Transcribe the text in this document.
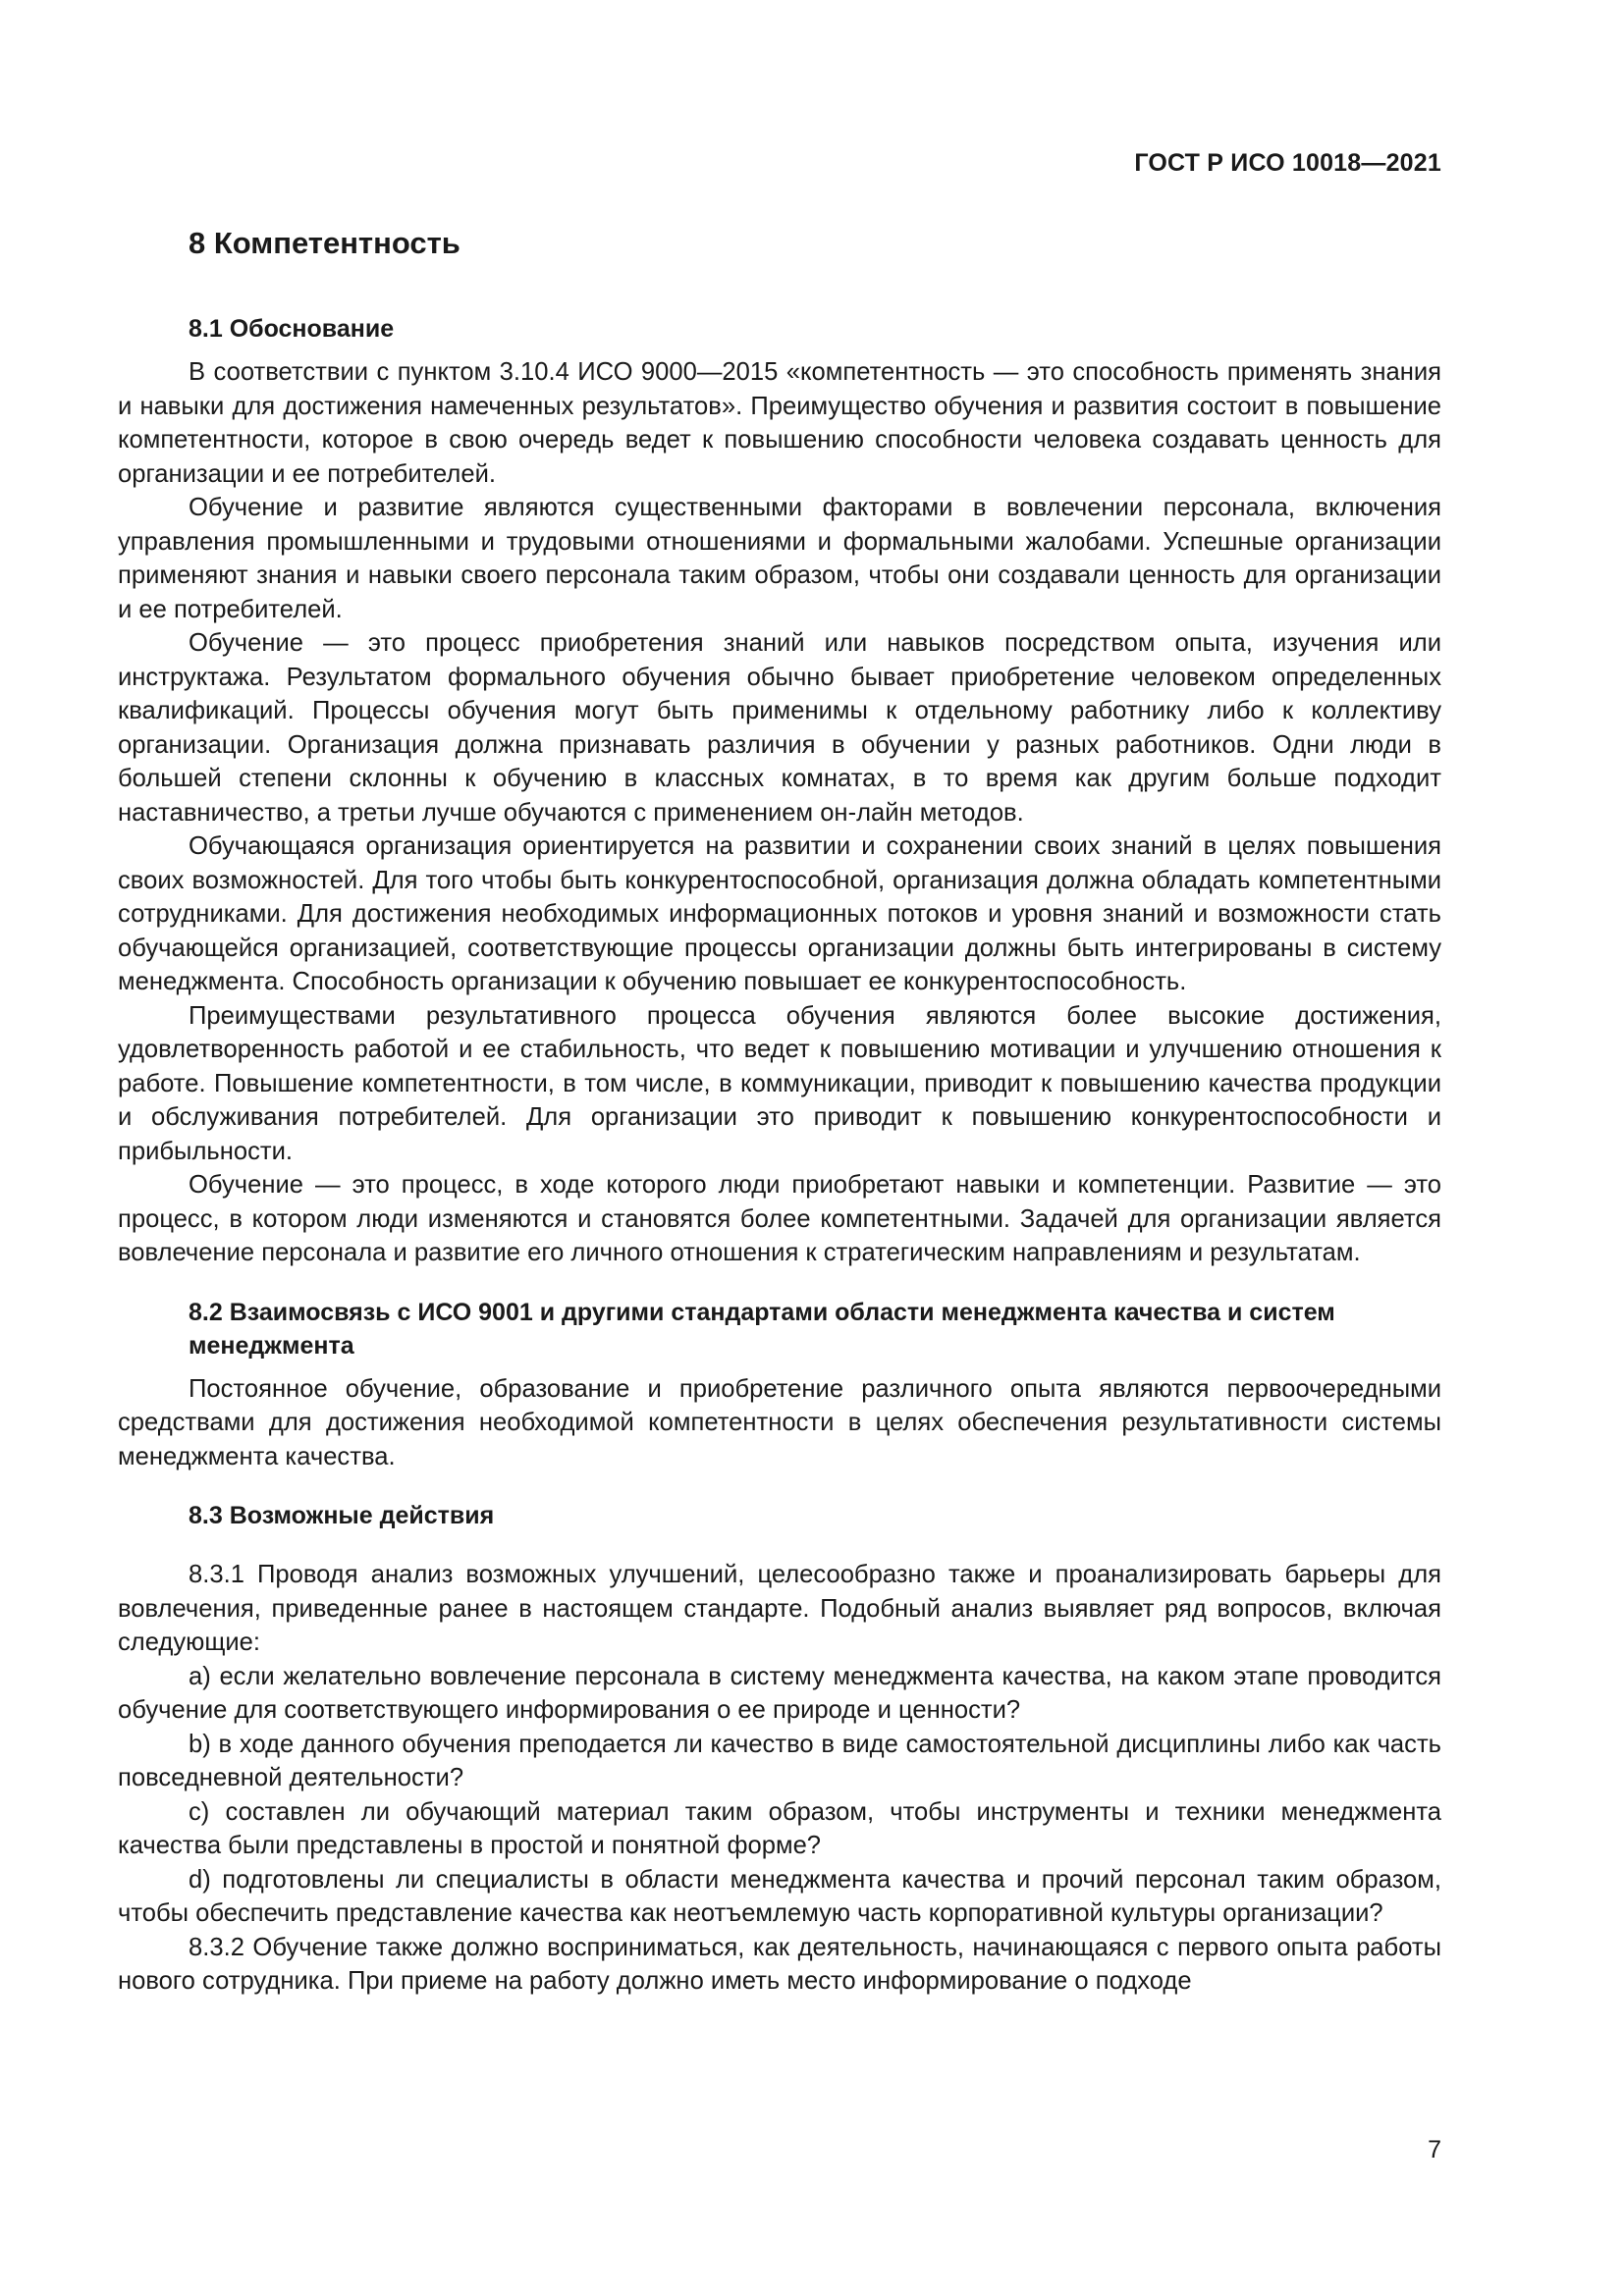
ГОСТ Р ИСО 10018—2021
8 Компетентность
8.1 Обоснование

В соответствии с пунктом 3.10.4 ИСО 9000—2015 «компетентность — это способность применять знания и навыки для достижения намеченных результатов». Преимущество обучения и развития состоит в повышение компетентности, которое в свою очередь ведет к повышению способности человека создавать ценность для организации и ее потребителей.

Обучение и развитие являются существенными факторами в вовлечении персонала, включения управления промышленными и трудовыми отношениями и формальными жалобами. Успешные организации применяют знания и навыки своего персонала таким образом, чтобы они создавали ценность для организации и ее потребителей.

Обучение — это процесс приобретения знаний или навыков посредством опыта, изучения или инструктажа. Результатом формального обучения обычно бывает приобретение человеком определенных квалификаций. Процессы обучения могут быть применимы к отдельному работнику либо к коллективу организации. Организация должна признавать различия в обучении у разных работников. Одни люди в большей степени склонны к обучению в классных комнатах, в то время как другим больше подходит наставничество, а третьи лучше обучаются с применением он-лайн методов.

Обучающаяся организация ориентируется на развитии и сохранении своих знаний в целях повышения своих возможностей. Для того чтобы быть конкурентоспособной, организация должна обладать компетентными сотрудниками. Для достижения необходимых информационных потоков и уровня знаний и возможности стать обучающейся организацией, соответствующие процессы организации должны быть интегрированы в систему менеджмента. Способность организации к обучению повышает ее конкурентоспособность.

Преимуществами результативного процесса обучения являются более высокие достижения, удовлетворенность работой и ее стабильность, что ведет к повышению мотивации и улучшению отношения к работе. Повышение компетентности, в том числе, в коммуникации, приводит к повышению качества продукции и обслуживания потребителей. Для организации это приводит к повышению конкурентоспособности и прибыльности.

Обучение — это процесс, в ходе которого люди приобретают навыки и компетенции. Развитие — это процесс, в котором люди изменяются и становятся более компетентными. Задачей для организации является вовлечение персонала и развитие его личного отношения к стратегическим направлениям и результатам.

8.2 Взаимосвязь с ИСО 9001 и другими стандартами области менеджмента качества и систем менеджмента

Постоянное обучение, образование и приобретение различного опыта являются первоочередными средствами для достижения необходимой компетентности в целях обеспечения результативности системы менеджмента качества.

8.3 Возможные действия

8.3.1 Проводя анализ возможных улучшений, целесообразно также и проанализировать барьеры для вовлечения, приведенные ранее в настоящем стандарте. Подобный анализ выявляет ряд вопросов, включая следующие:

a) если желательно вовлечение персонала в систему менеджмента качества, на каком этапе проводится обучение для соответствующего информирования о ее природе и ценности?

b) в ходе данного обучения преподается ли качество в виде самостоятельной дисциплины либо как часть повседневной деятельности?

c) составлен ли обучающий материал таким образом, чтобы инструменты и техники менеджмента качества были представлены в простой и понятной форме?

d) подготовлены ли специалисты в области менеджмента качества и прочий персонал таким образом, чтобы обеспечить представление качества как неотъемлемую часть корпоративной культуры организации?

8.3.2 Обучение также должно восприниматься, как деятельность, начинающаяся с первого опыта работы нового сотрудника. При приеме на работу должно иметь место информирование о подходе

7
